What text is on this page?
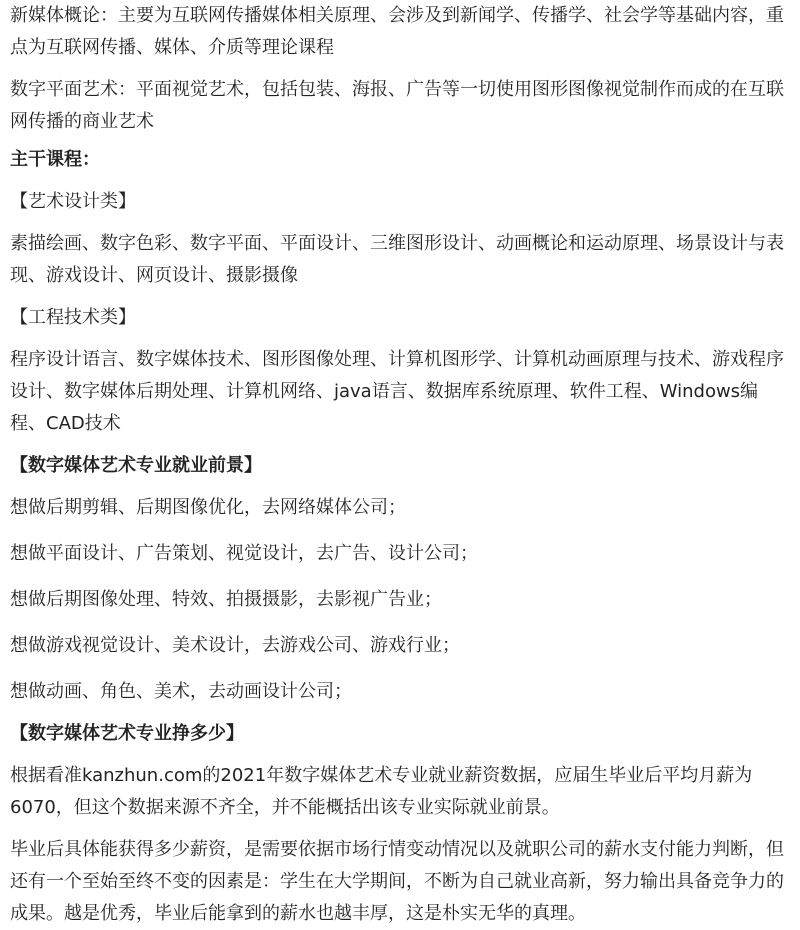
新媒体概论：主要为互联网传播媒体相关原理、会涉及到新闻学、传播学、社会学等基础内容，重点为互联网传播、媒体、介质等理论课程

数字平面艺术：平面视觉艺术，包括包装、海报、广告等一切使用图形图像视觉制作而成的在互联网传播的商业艺术

主干课程：

【艺术设计类】

素描绘画、数字色彩、数字平面、平面设计、三维图形设计、动画概论和运动原理、场景设计与表现、游戏设计、网页设计、摄影摄像

【工程技术类】

程序设计语言、数字媒体技术、图形图像处理、计算机图形学、计算机动画原理与技术、游戏程序设计、数字媒体后期处理、计算机网络、java语言、数据库系统原理、软件工程、Windows编程、CAD技术

【数字媒体艺术专业就业前景】

想做后期剪辑、后期图像优化，去网络媒体公司；

想做平面设计、广告策划、视觉设计，去广告、设计公司；

想做后期图像处理、特效、拍摄摄影，去影视广告业；

想做游戏视觉设计、美术设计，去游戏公司、游戏行业；

想做动画、角色、美术，去动画设计公司；

【数字媒体艺术专业挣多少】

根据看准kanzhun.com的2021年数字媒体艺术专业就业薪资数据，应届生毕业后平均月薪为6070，但这个数据来源不齐全，并不能概括出该专业实际就业前景。

毕业后具体能获得多少薪资，是需要依据市场行情变动情况以及就职公司的薪水支付能力判断，但还有一个至始至终不变的因素是：学生在大学期间，不断为自己就业高新，努力输出具备竞争力的成果。越是优秀，毕业后能拿到的薪水也越丰厚，这是朴实无华的真理。
